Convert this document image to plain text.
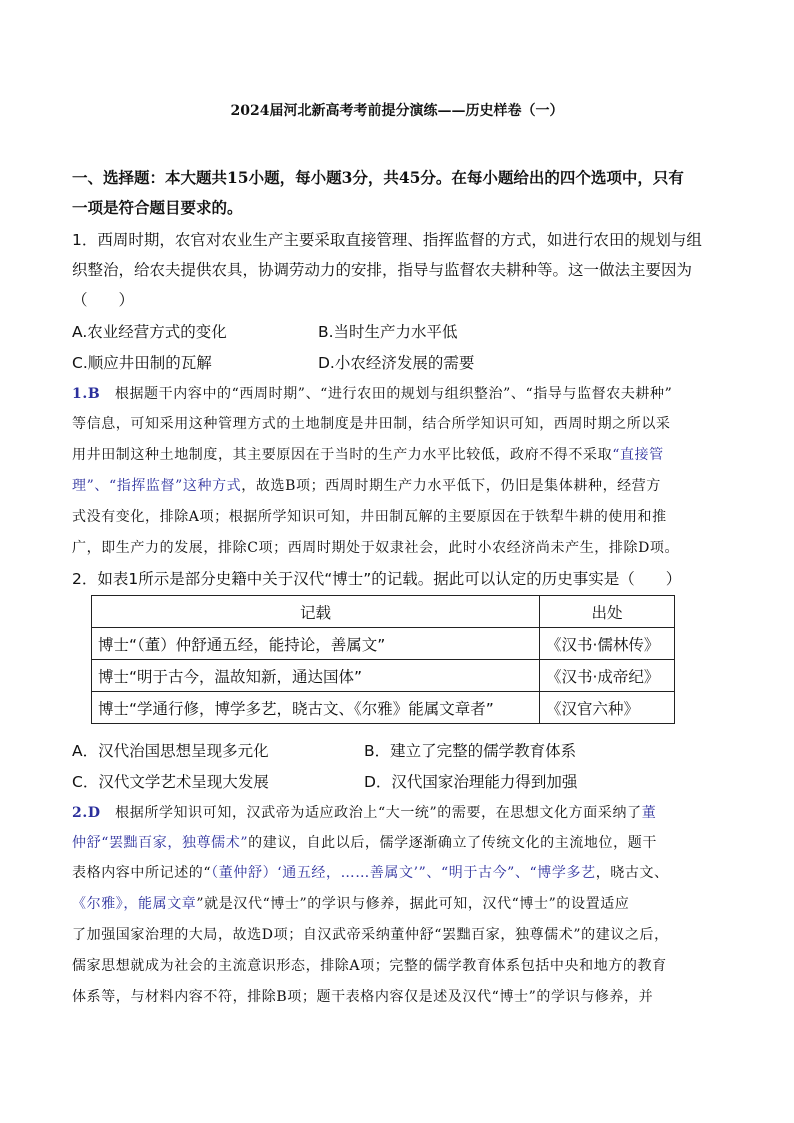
2024届河北新高考考前提分演练——历史样卷（一）
一、选择题：本大题共15小题，每小题3分，共45分。在每小题给出的四个选项中，只有
一项是符合题目要求的。
1．西周时期，农官对农业生产主要采取直接管理、指挥监督的方式，如进行农田的规划与组
织整治，给农夫提供农具，协调劳动力的安排，指导与监督农夫耕种等。这一做法主要因为
（　　）
A.农业经营方式的变化	B.当时生产力水平低
C.顺应井田制的瓦解	D.小农经济发展的需要
1.B　根据题干内容中的“西周时期”、“进行农田的规划与组织整治”、“指导与监督农夫耕种”
等信息，可知采用这种管理方式的土地制度是井田制，结合所学知识可知，西周时期之所以采
用井田制这种土地制度，其主要原因在于当时的生产力水平比较低，政府不得不采取“直接管
理”、“指挥监督”这种方式，故选B项；西周时期生产力水平低下，仍旧是集体耕种，经营方
式没有变化，排除A项；根据所学知识可知，井田制瓦解的主要原因在于铁犁牛耕的使用和推
广，即生产力的发展，排除C项；西周时期处于奴隶社会，此时小农经济尚未产生，排除D项。
2．如表1所示是部分史籍中关于汉代“博士”的记载。据此可以认定的历史事实是（　　）
记载	出处
博士“（董）仲舒通五经，能持论，善属文”	《汉书·儒林传》
博士“明于古今，温故知新，通达国体”	《汉书·成帝纪》
博士“学通行修，博学多艺，晓古文、《尔雅》能属文章者”	《汉官六种》
A．汉代治国思想呈现多元化	B．建立了完整的儒学教育体系
C．汉代文学艺术呈现大发展	D．汉代国家治理能力得到加强
2.D　根据所学知识可知，汉武帝为适应政治上“大一统”的需要，在思想文化方面采纳了董
仲舒“罢黜百家，独尊儒术”的建议，自此以后，儒学逐渐确立了传统文化的主流地位，题干
表格内容中所记述的“（董仲舒）‘通五经，……善属文’”、“明于古今”、“博学多艺，晓古文、
《尔雅》，能属文章”就是汉代“博士”的学识与修养，据此可知，汉代“博士”的设置适应
了加强国家治理的大局，故选D项；自汉武帝采纳董仲舒“罢黜百家，独尊儒术”的建议之后，
儒家思想就成为社会的主流意识形态，排除A项；完整的儒学教育体系包括中央和地方的教育
体系等，与材料内容不符，排除B项；题干表格内容仅是述及汉代“博士”的学识与修养，并
